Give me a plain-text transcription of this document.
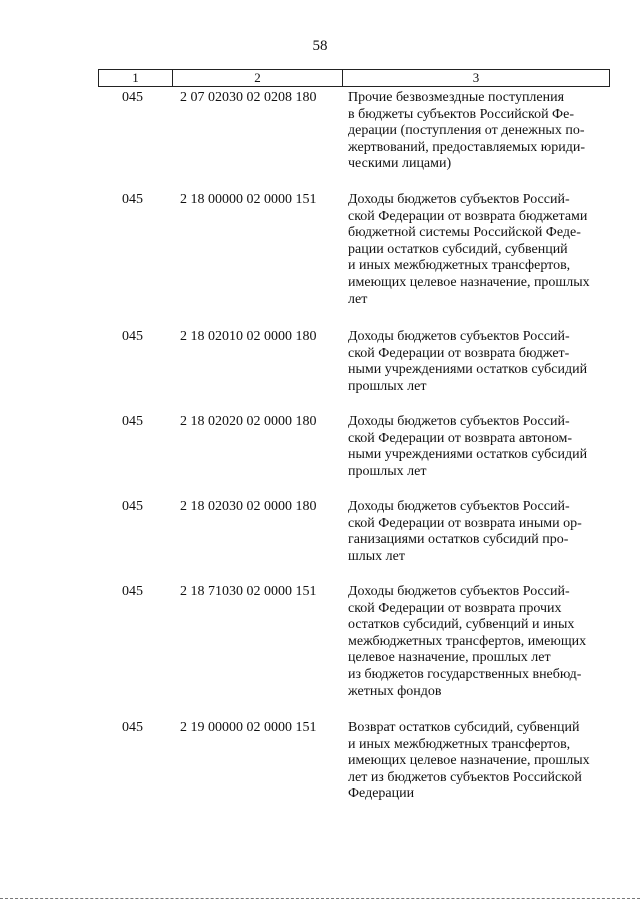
58
1	2	3
045	2 07 02030 02 0208 180	Прочие безвозмездные поступления
в бюджеты субъектов Российской Фе-
дерации (поступления от денежных по-
жертвований, предоставляемых юриди-
ческими лицами)
045	2 18 00000 02 0000 151	Доходы бюджетов субъектов Россий-
ской Федерации от возврата бюджетами
бюджетной системы Российской Феде-
рации остатков субсидий, субвенций
и иных межбюджетных трансфертов,
имеющих целевое назначение, прошлых
лет
045	2 18 02010 02 0000 180	Доходы бюджетов субъектов Россий-
ской Федерации от возврата бюджет-
ными учреждениями остатков субсидий
прошлых лет
045	2 18 02020 02 0000 180	Доходы бюджетов субъектов Россий-
ской Федерации от возврата автоном-
ными учреждениями остатков субсидий
прошлых лет
045	2 18 02030 02 0000 180	Доходы бюджетов субъектов Россий-
ской Федерации от возврата иными ор-
ганизациями остатков субсидий про-
шлых лет
045	2 18 71030 02 0000 151	Доходы бюджетов субъектов Россий-
ской Федерации от возврата прочих
остатков субсидий, субвенций и иных
межбюджетных трансфертов, имеющих
целевое назначение, прошлых лет
из бюджетов государственных внебюд-
жетных фондов
045	2 19 00000 02 0000 151	Возврат остатков субсидий, субвенций
и иных межбюджетных трансфертов,
имеющих целевое назначение, прошлых
лет из бюджетов субъектов Российской
Федерации
